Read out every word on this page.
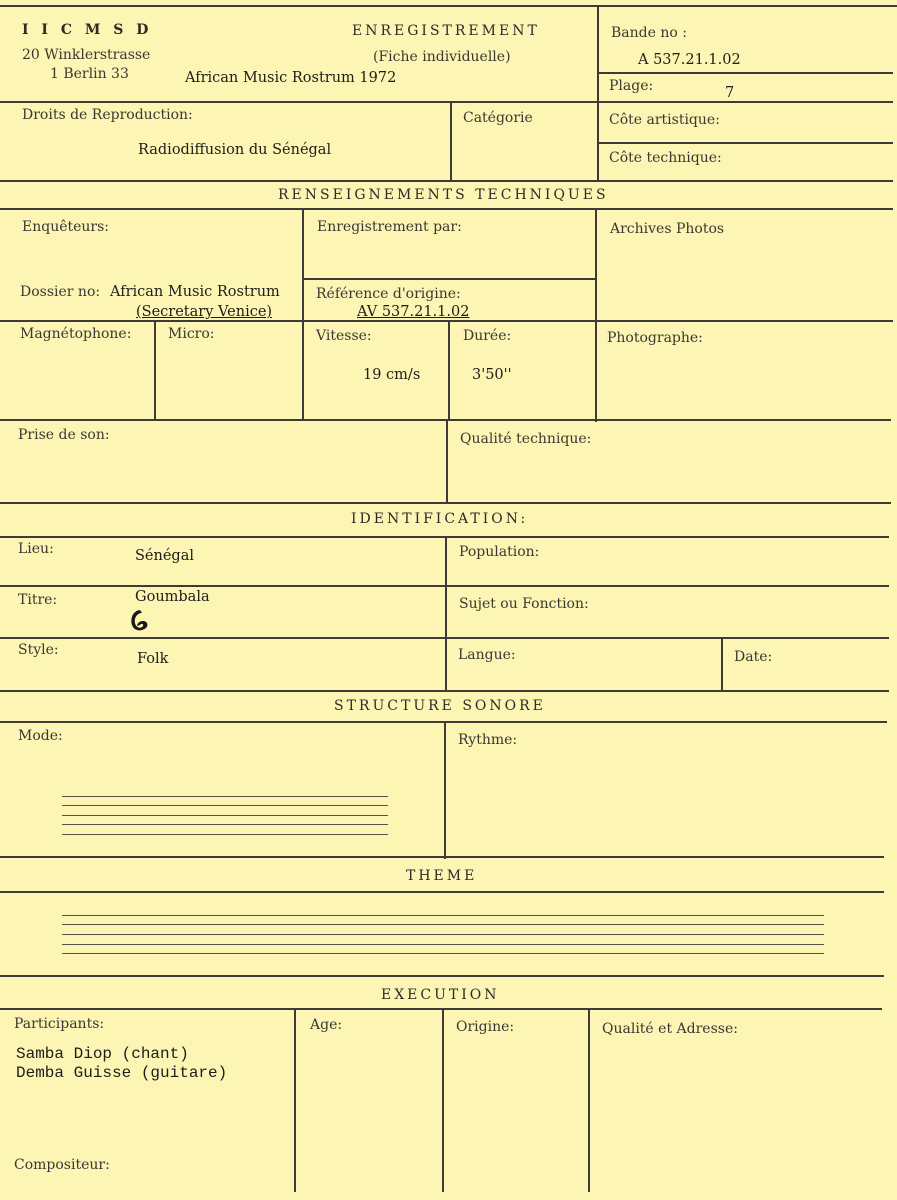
I I C M S D
20 Winklerstrasse
1 Berlin 33
ENREGISTREMENT
(Fiche individuelle)
African Music Rostrum 1972
Bande no :
A 537.21.1.02
Plage:	7
Droits de Reproduction:
Radiodiffusion du Sénégal
Catégorie	Côte artistique:
Côte technique:
RENSEIGNEMENTS TECHNIQUES
Enquêteurs:	Enregistrement par:	Archives Photos
Dossier no: African Music Rostrum
(Secretary Venice)
Référence d'origine:
AV 537.21.1.02
Magnétophone:	Micro:	Vitesse:
19 cm/s
Durée:
3'50''
Photographe:
Prise de son:	Qualité technique:
IDENTIFICATION:
Lieu:	Sénégal	Population:
Titre:	Goumbala	Sujet ou Fonction:
Style:
Folk	Langue:	Date:
STRUCTURE SONORE
Mode:	Rythme:
THEME
EXECUTION
Participants:
Samba Diop (chant)
Demba Guisse (guitare)
Age:	Origine:	Qualité et Adresse:
Compositeur:
